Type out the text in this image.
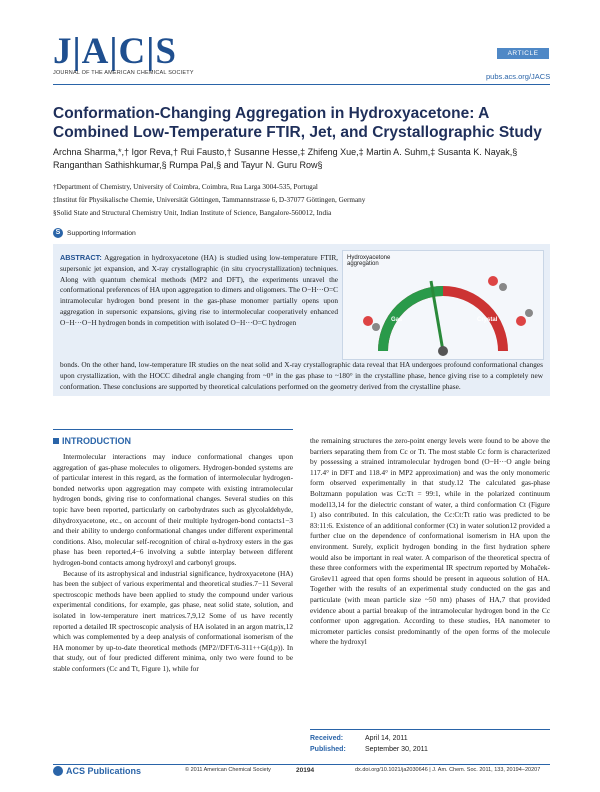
J|A|C|S
JOURNAL OF THE AMERICAN CHEMICAL SOCIETY
ARTICLE
pubs.acs.org/JACS
Conformation-Changing Aggregation in Hydroxyacetone: A Combined Low-Temperature FTIR, Jet, and Crystallographic Study
Archna Sharma,*,† Igor Reva,† Rui Fausto,† Susanne Hesse,‡ Zhifeng Xue,‡ Martin A. Suhm,‡ Susanta K. Nayak,§ Ranganthan Sathishkumar,§ Rumpa Pal,§ and Tayur N. Guru Row§
†Department of Chemistry, University of Coimbra, Coimbra, Rua Larga 3004-535, Portugal
‡Institut für Physikalische Chemie, Universität Göttingen, Tammannstrasse 6, D-37077 Göttingen, Germany
§Solid State and Structural Chemistry Unit, Indian Institute of Science, Bangalore-560012, India
S Supporting Information
ABSTRACT: Aggregation in hydroxyacetone (HA) is studied using low-temperature FTIR, supersonic jet expansion, and X-ray crystallographic (in situ cryocrystallization) techniques. Along with quantum chemical methods (MP2 and DFT), the experiments unravel the conformational preferences of HA upon aggregation to dimers and oligomers. The O−H···O=C intramolecular hydrogen bond present in the gas-phase monomer partially opens upon aggregation in supersonic expansions, giving rise to intermolecular cooperatively enhanced O−H···O−H hydrogen bonds in competition with isolated O−H···O=C hydrogen
Hydroxyacetone aggregation
Gas	Crystal
bonds. On the other hand, low-temperature IR studies on the neat solid and X-ray crystallographic data reveal that HA undergoes profound conformational changes upon crystallization, with the HOCC dihedral angle changing from ~0° in the gas phase to ~180° in the crystalline phase, hence giving rise to a completely new conformation. These conclusions are supported by theoretical calculations performed on the geometry derived from the crystalline phase.
INTRODUCTION

Intermolecular interactions may induce conformational changes upon aggregation of gas-phase molecules to oligomers. Hydrogen-bonded systems are of particular interest in this regard, as the formation of intermolecular hydrogen-bonded networks upon aggregation may compete with existing intramolecular hydrogen bonds, giving rise to conformational changes. Several studies on this topic have been reported, particularly on carbohydrates such as glycolaldehyde, dihydroxyacetone, etc., on account of their multiple hydrogen-bond contacts1−3 and their ability to undergo conformational changes under different experimental conditions. Also, molecular self-recognition of chiral α-hydroxy esters in the gas phase has been reported,4−6 involving a subtle interplay between different hydrogen-bond contacts among hydroxyl and carbonyl groups.

Because of its astrophysical and industrial significance, hydroxyacetone (HA) has been the subject of various experimental and theoretical studies.7−11 Several spectroscopic methods have been applied to study the compound under various experimental conditions, for example, gas phase, neat solid state, solution, and isolated in low-temperature inert matrices.7,9,12 Some of us have recently reported a detailed IR spectroscopic analysis of HA isolated in an argon matrix,12 which was complemented by a deep analysis of conformational isomerism of the HA monomer by up-to-date theoretical methods (MP2//DFT/6-311++G(d,p)). In that study, out of four predicted different minima, only two were found to be stable conformers (Cc and Tt, Figure 1), while for

the remaining structures the zero-point energy levels were found to be above the barriers separating them from Cc or Tt. The most stable Cc form is characterized by possessing a strained intramolecular hydrogen bond (O−H···O angle being 117.4° in DFT and 118.4° in MP2 approximation) and was the only monomeric form observed experimentally in that study.12 The calculated gas-phase Boltzmann population was Cc:Tt = 99:1, while in the polarized continuum model13,14 for the dielectric constant of water, a third conformation Ct (Figure 1) also contributed. In this calculation, the Cc:Ct:Tt ratio was predicted to be 83:11:6. Existence of an additional conformer (Ct) in water solution12 provided a further clue on the dependence of conformational isomerism in HA upon the environment. Surely, explicit hydrogen bonding in the first hydration sphere would also be important in real water. A comparison of the theoretical spectra of these three conformers with the experimental IR spectrum reported by Mohaček-Grošev11 agreed that open forms should be present in aqueous solution of HA. Together with the results of an experimental study conducted on the gas and particulate (with mean particle size ~50 nm) phases of HA,7 that provided evidence about a partial breakup of the intramolecular hydrogen bond in the Cc conformer upon aggregation. According to these studies, HA nanometer to micrometer particles consist predominantly of the open forms of the molecule where the hydroxyl

Received:	April 14, 2011
Published:	September 30, 2011
ACS Publications	© 2011 American Chemical Society	20194	dx.doi.org/10.1021/ja2030646 | J. Am. Chem. Soc. 2011, 133, 20194−20207
